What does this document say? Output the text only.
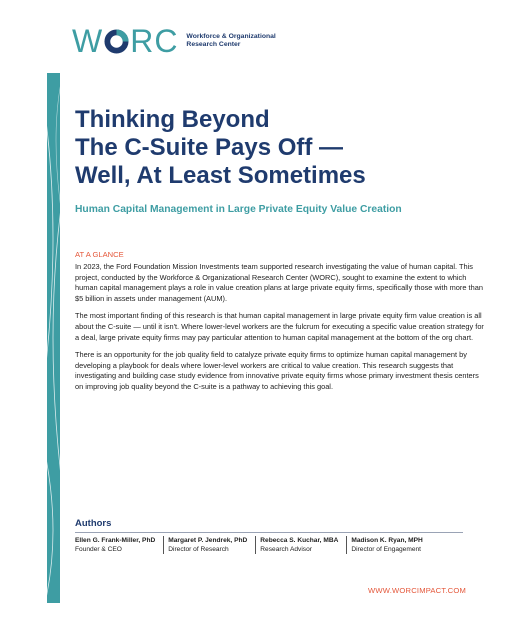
W R C Workforce & Organizational
Research Center
Thinking Beyond
The C-Suite Pays Off —
Well, At Least Sometimes
Human Capital Management in Large Private Equity Value Creation
AT A GLANCE

In 2023, the Ford Foundation Mission Investments team supported research investigating the value of human capital. This project, conducted by the Workforce & Organizational Research Center (WORC), sought to examine the extent to which human capital management plays a role in value creation plans at large private equity firms, specifically those with more than $5 billion in assets under management (AUM).

The most important finding of this research is that human capital management in large private equity firm value creation is all about the C-suite — until it isn't. Where lower-level workers are the fulcrum for executing a specific value creation strategy for a deal, large private equity firms may pay particular attention to human capital management at the bottom of the org chart.

There is an opportunity for the job quality field to catalyze private equity firms to optimize human capital management by developing a playbook for deals where lower-level workers are critical to value creation. This research suggests that investigating and building case study evidence from innovative private equity firms whose primary investment thesis centers on improving job quality beyond the C-suite is a pathway to achieving this goal.

Authors
Ellen G. Frank-Miller, PhD
Founder & CEO
Margaret P. Jendrek, PhD
Director of Research
Rebecca S. Kuchar, MBA
Research Advisor
Madison K. Ryan, MPH
Director of Engagement
WWW.WORCIMPACT.COM
